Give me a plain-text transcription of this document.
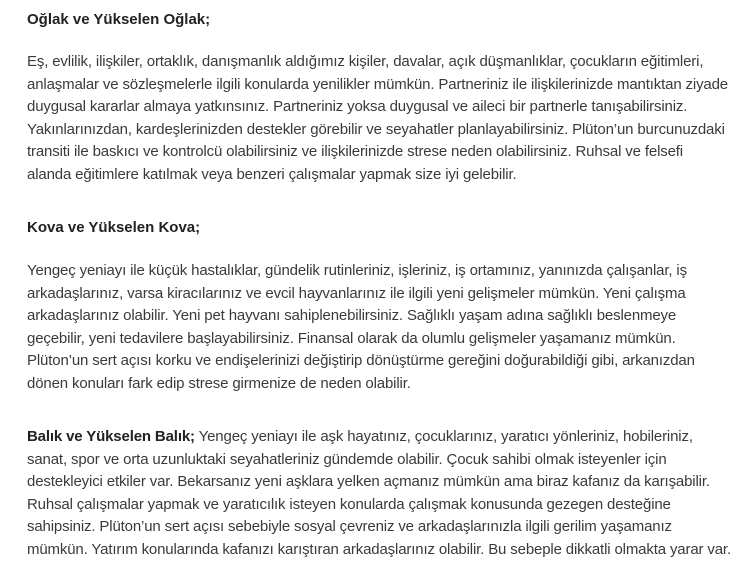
Oğlak ve Yükselen Oğlak;

Eş, evlilik, ilişkiler, ortaklık, danışmanlık aldığımız kişiler, davalar, açık düşmanlıklar, çocukların eğitimleri, anlaşmalar ve sözleşmelerle ilgili konularda yenilikler mümkün. Partneriniz ile ilişkilerinizde mantıktan ziyade duygusal kararlar almaya yatkınsınız. Partneriniz yoksa duygusal ve aileci bir partnerle tanışabilirsiniz. Yakınlarınızdan, kardeşlerinizden destekler görebilir ve seyahatler planlayabilirsiniz. Plüton’un burcunuzdaki transiti ile baskıcı ve kontrolcü olabilirsiniz ve ilişkilerinizde strese neden olabilirsiniz. Ruhsal ve felsefi alanda eğitimlere katılmak veya benzeri çalışmalar yapmak size iyi gelebilir.

Kova ve Yükselen Kova;

Yengeç yeniayı ile küçük hastalıklar, gündelik rutinleriniz, işleriniz, iş ortamınız, yanınızda çalışanlar, iş arkadaşlarınız, varsa kiracılarınız ve evcil hayvanlarınız ile ilgili yeni gelişmeler mümkün. Yeni çalışma arkadaşlarınız olabilir. Yeni pet hayvanı sahiplenebilirsiniz. Sağlıklı yaşam adına sağlıklı beslenmeye geçebilir, yeni tedavilere başlayabilirsiniz. Finansal olarak da olumlu gelişmeler yaşamanız mümkün. Plüton’un sert açısı korku ve endişelerinizi değiştirip dönüştürme gereğini doğurabildiği gibi, arkanızdan dönen konuları fark edip strese girmenize de neden olabilir.

Balık ve Yükselen Balık; Yengeç yeniayı ile aşk hayatınız, çocuklarınız, yaratıcı yönleriniz, hobileriniz, sanat, spor ve orta uzunluktaki seyahatleriniz gündemde olabilir. Çocuk sahibi olmak isteyenler için destekleyici etkiler var. Bekarsanız yeni aşklara yelken açmanız mümkün ama biraz kafanız da karışabilir. Ruhsal çalışmalar yapmak ve yaratıcılık isteyen konularda çalışmak konusunda gezegen desteğine sahipsiniz. Plüton’un sert açısı sebebiyle sosyal çevreniz ve arkadaşlarınızla ilgili gerilim yaşamanız mümkün. Yatırım konularında kafanızı karıştıran arkadaşlarınız olabilir. Bu sebeple dikkatli olmakta yarar var.
